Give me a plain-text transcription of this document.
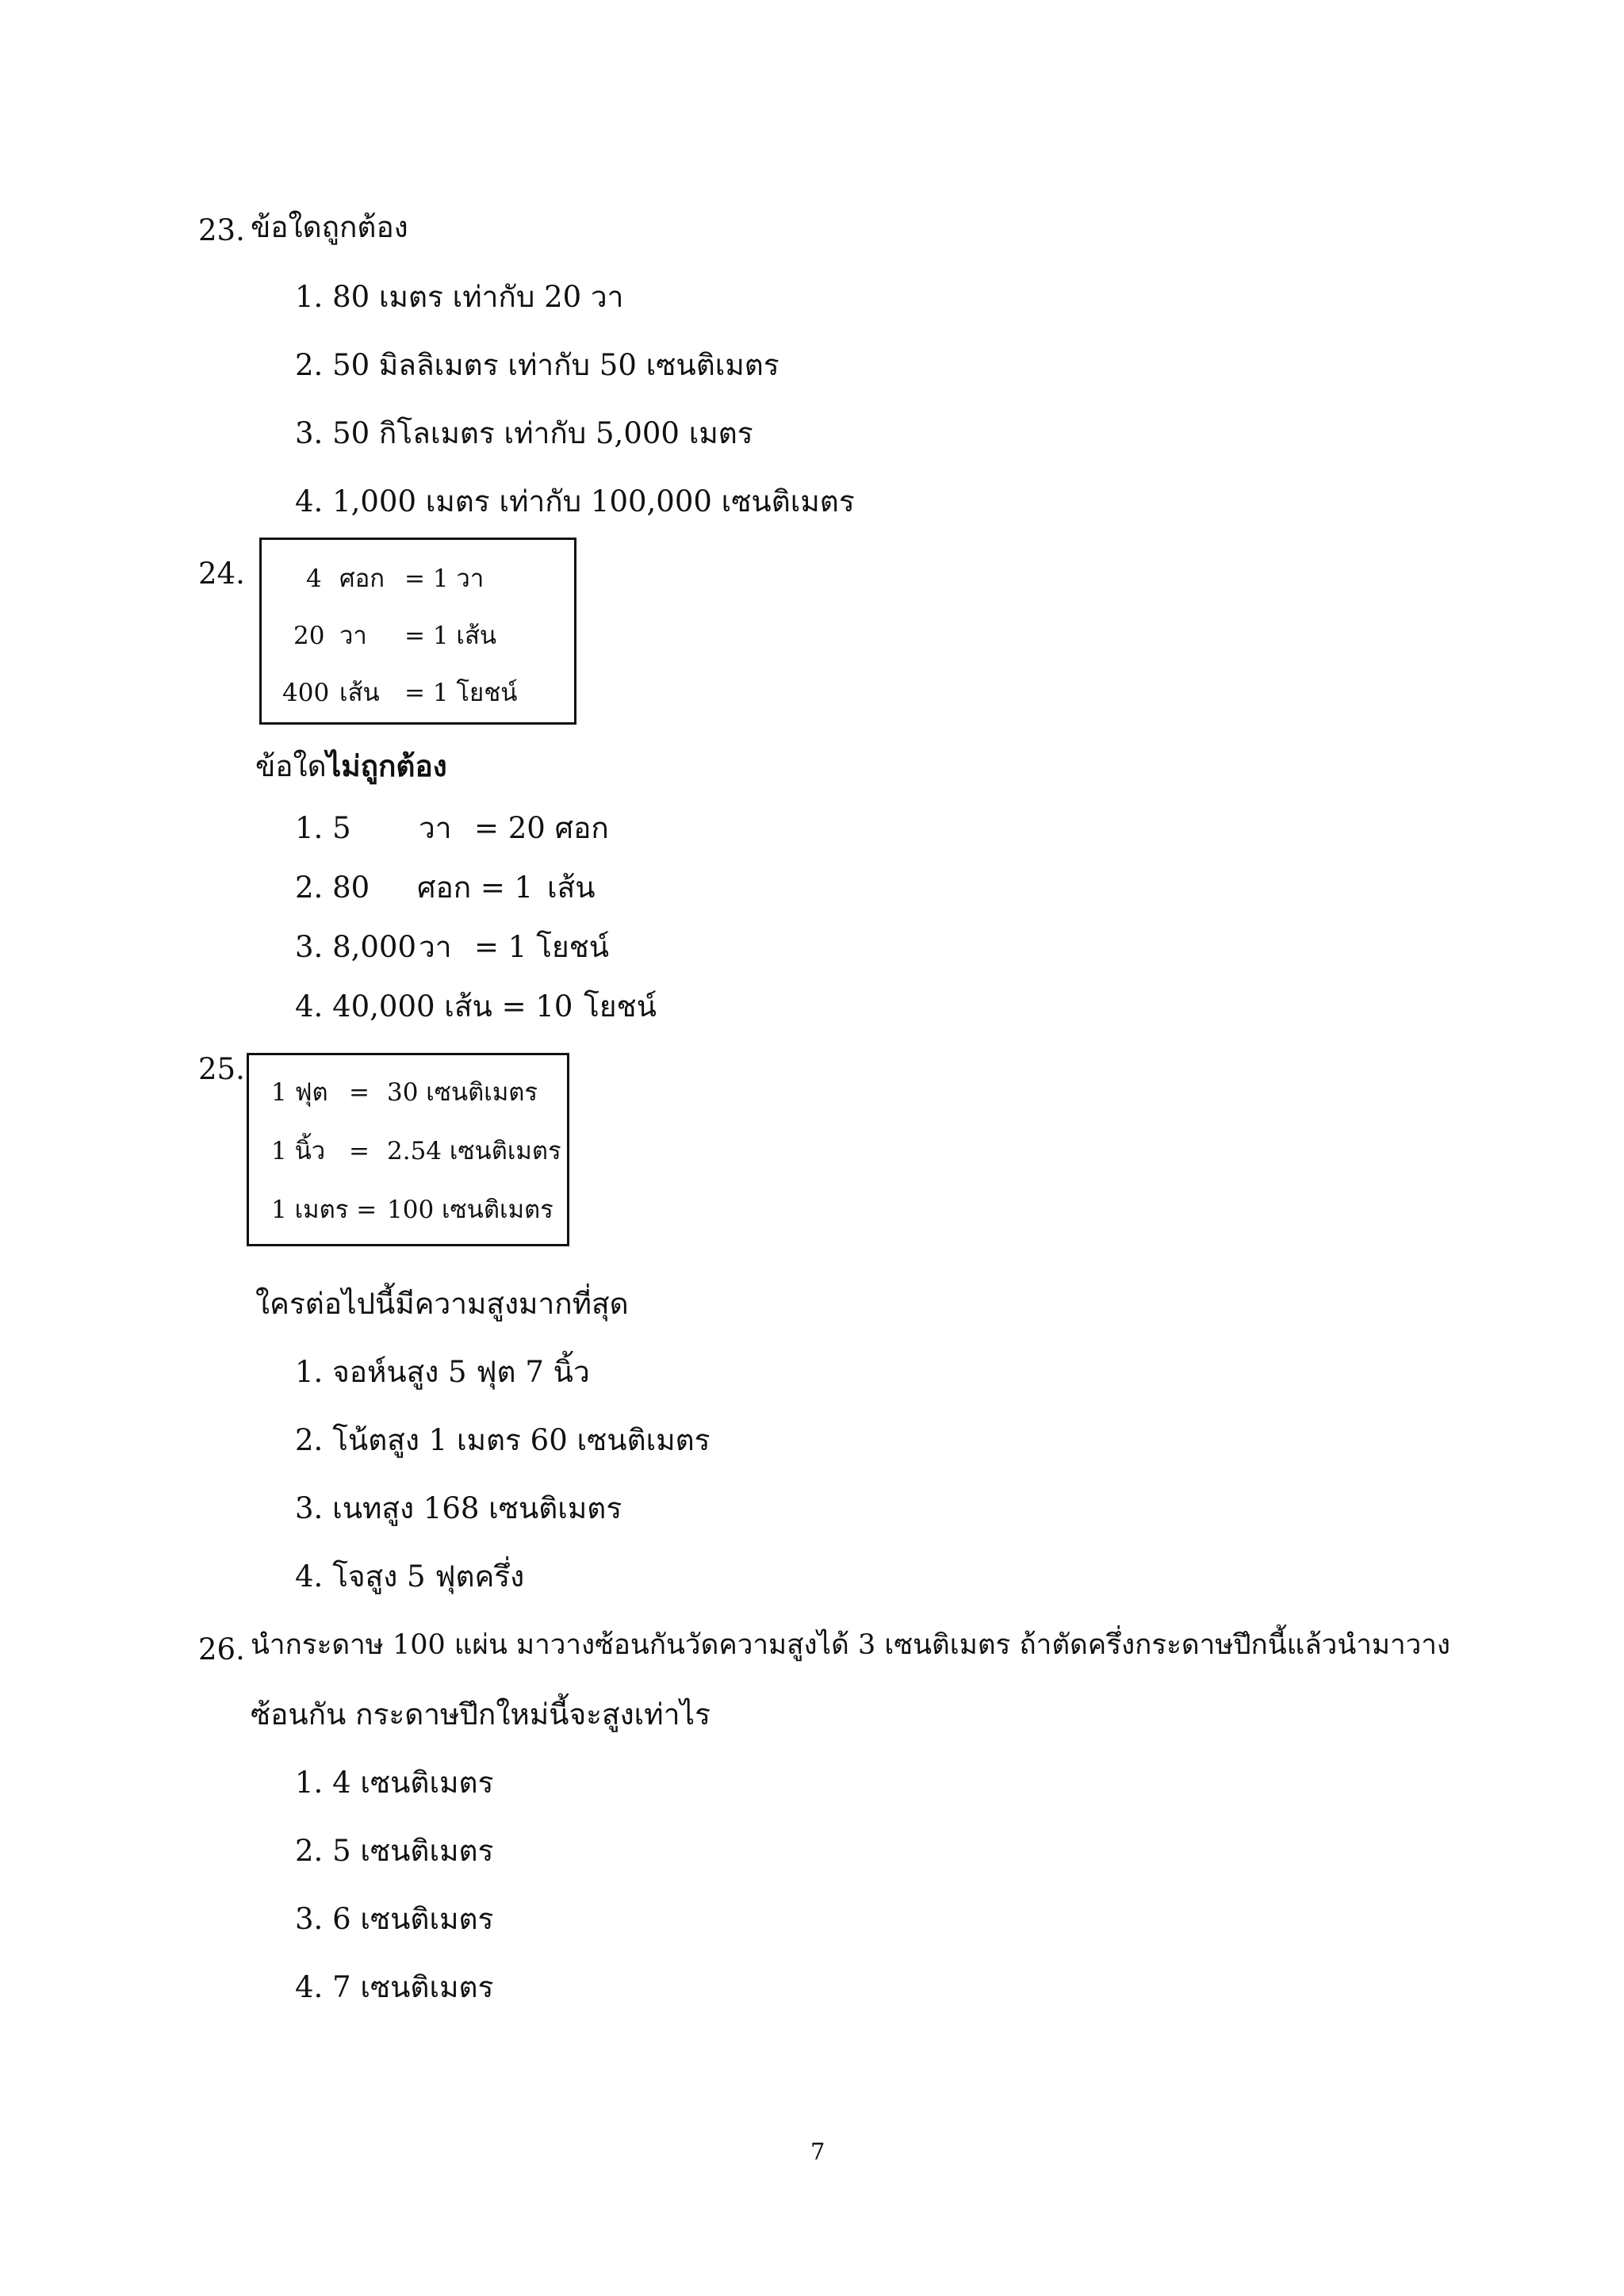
23. ข้อใดถูกต้อง
1. 80 เมตร เท่ากับ 20 วา
2. 50 มิลลิเมตร เท่ากับ 50 เซนติเมตร
3. 50 กิโลเมตร เท่ากับ 5,000 เมตร
4. 1,000 เมตร เท่ากับ 100,000 เซนติเมตร
24. 4 ศอก = 1 วา
20 วา = 1 เส้น
400 เส้น = 1 โยชน์
ข้อใดไม่ถูกต้อง
1. 5 วา = 20 ศอก
2. 80 ศอก = 1 เส้น
3. 8,000 วา = 1 โยชน์
4. 40,000 เส้น = 10 โยชน์
25.
1 ฟุต = 30 เซนติเมตร
1 นิ้ว = 2.54 เซนติเมตร
1 เมตร = 100 เซนติเมตร
ใครต่อไปนี้มีความสูงมากที่สุด
1. จอห์นสูง 5 ฟุต 7 นิ้ว
2. โน้ตสูง 1 เมตร 60 เซนติเมตร
3. เนทสูง 168 เซนติเมตร
4. โจสูง 5 ฟุตครึ่ง
26. นำกระดาษ 100 แผ่น มาวางซ้อนกันวัดความสูงได้ 3 เซนติเมตร ถ้าตัดครึ่งกระดาษปึกนี้แล้วนำมาวาง
ซ้อนกัน กระดาษปึกใหม่นี้จะสูงเท่าไร
1. 4 เซนติเมตร
2. 5 เซนติเมตร
3. 6 เซนติเมตร
4. 7 เซนติเมตร
7
